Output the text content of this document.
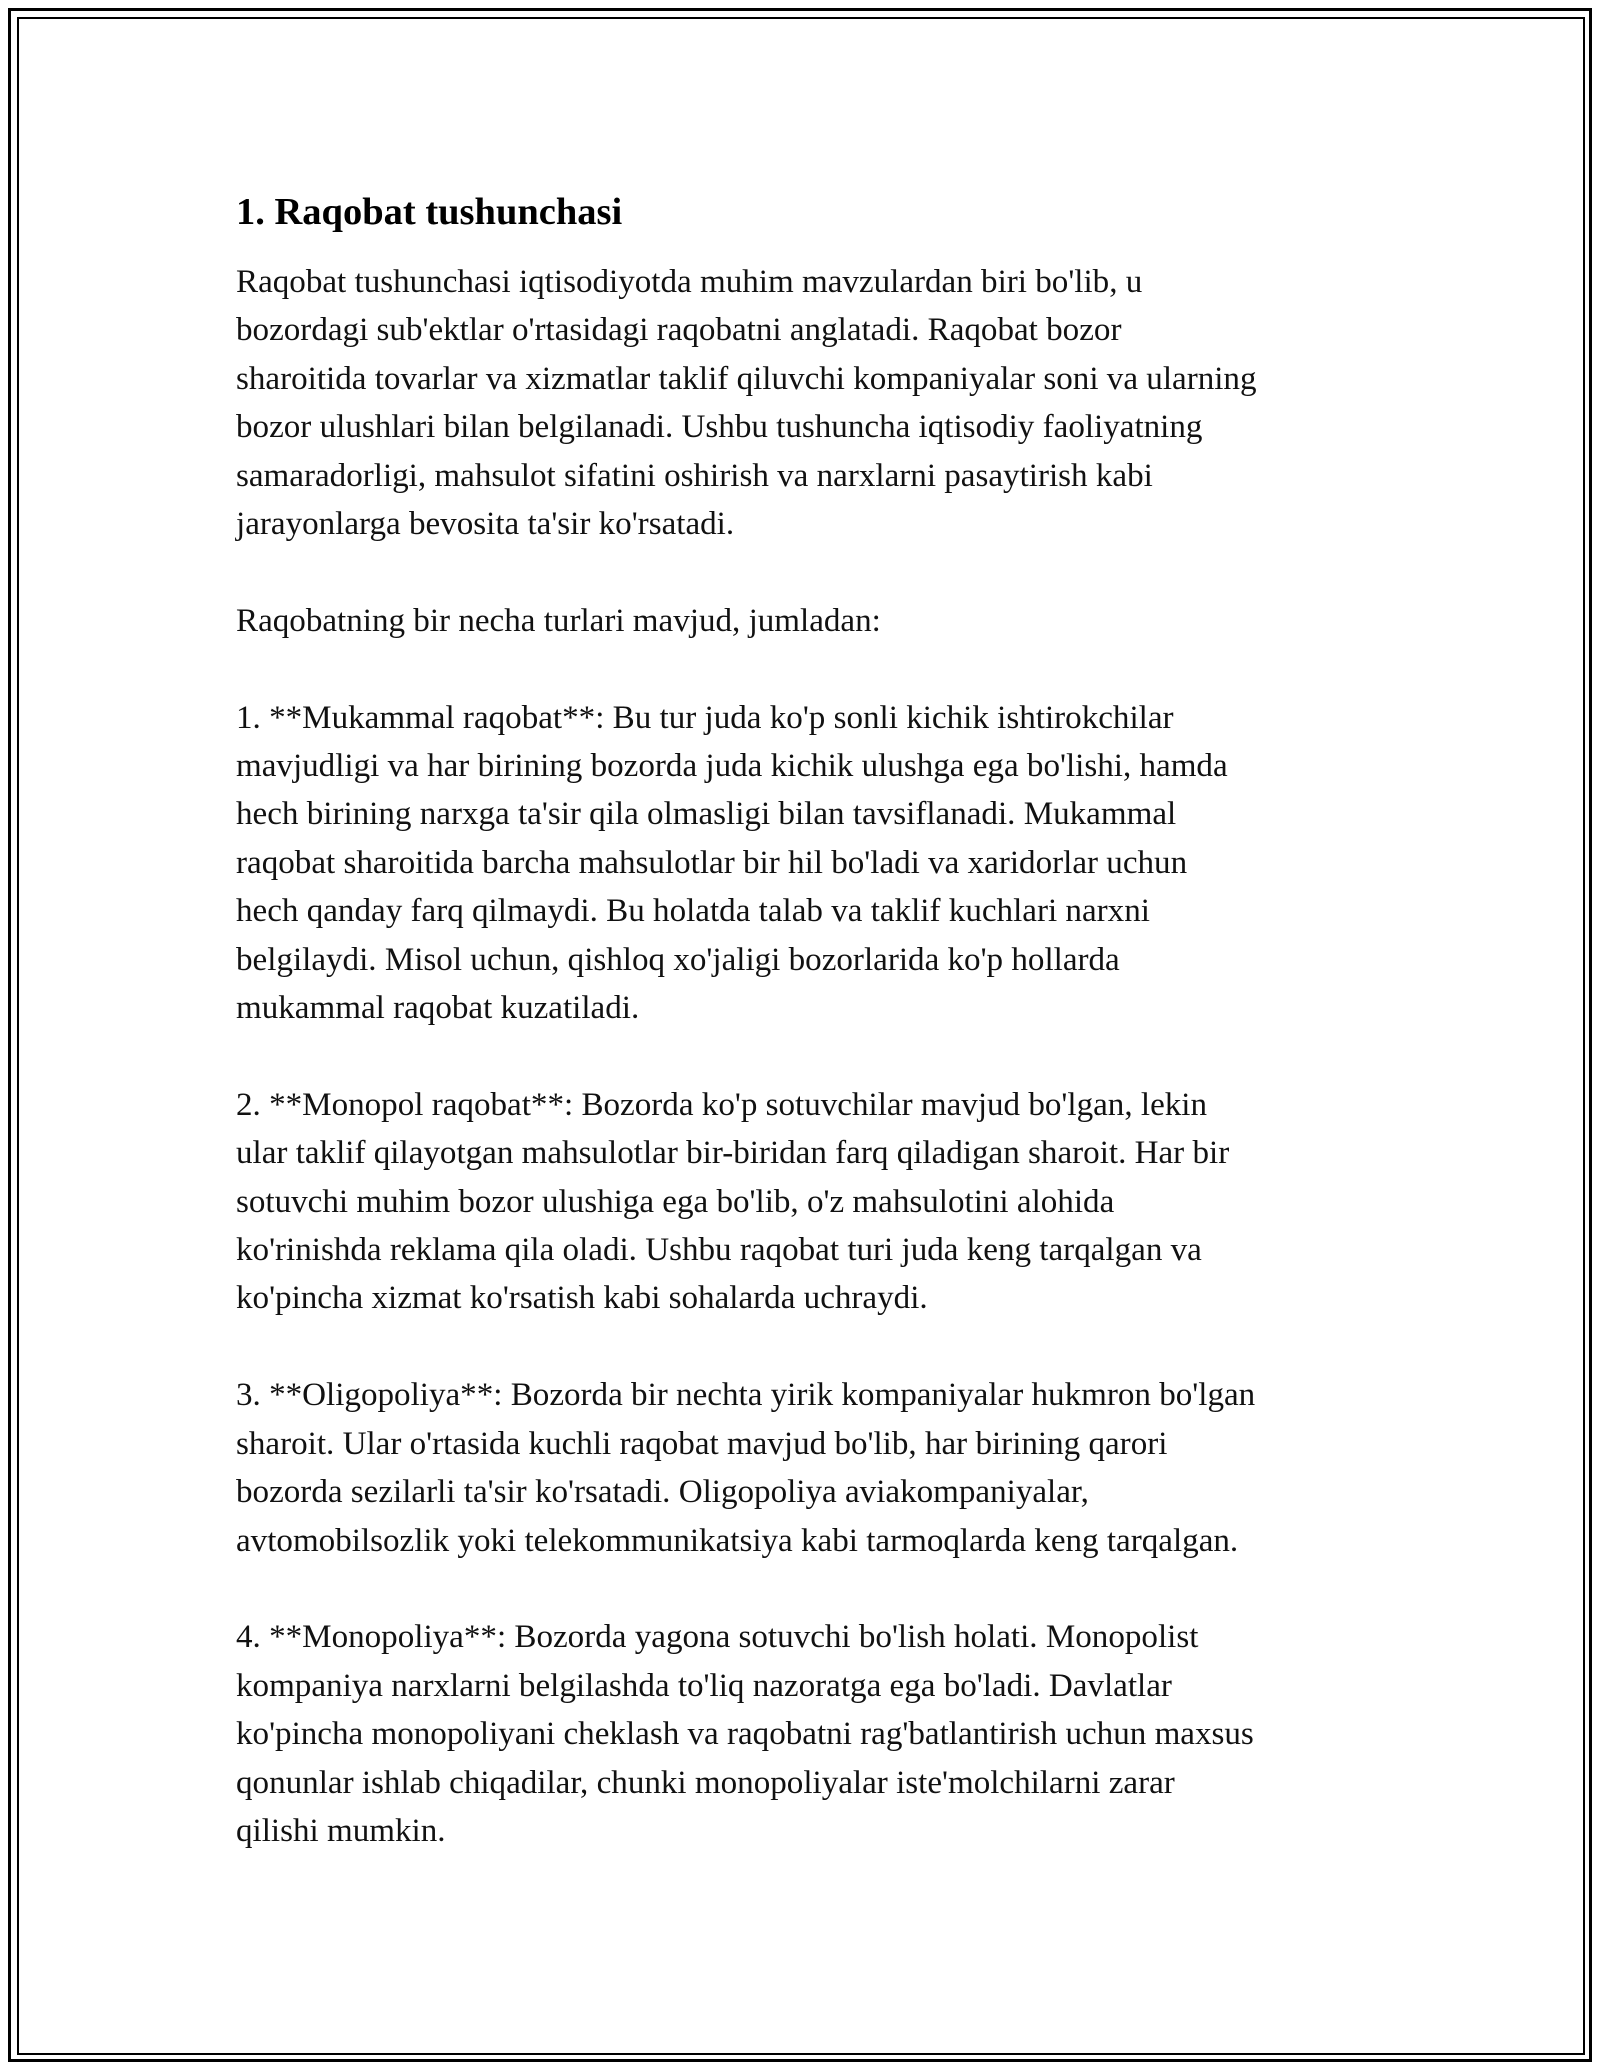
1. Raqobat tushunchasi
Raqobat tushunchasi iqtisodiyotda muhim mavzulardan biri bo'lib, u
bozordagi sub'ektlar o'rtasidagi raqobatni anglatadi. Raqobat bozor
sharoitida tovarlar va xizmatlar taklif qiluvchi kompaniyalar soni va ularning
bozor ulushlari bilan belgilanadi. Ushbu tushuncha iqtisodiy faoliyatning
samaradorligi, mahsulot sifatini oshirish va narxlarni pasaytirish kabi
jarayonlarga bevosita ta'sir ko'rsatadi.
Raqobatning bir necha turlari mavjud, jumladan:
1. **Mukammal raqobat**: Bu tur juda ko'p sonli kichik ishtirokchilar
mavjudligi va har birining bozorda juda kichik ulushga ega bo'lishi, hamda
hech birining narxga ta'sir qila olmasligi bilan tavsiflanadi. Mukammal
raqobat sharoitida barcha mahsulotlar bir hil bo'ladi va xaridorlar uchun
hech qanday farq qilmaydi. Bu holatda talab va taklif kuchlari narxni
belgilaydi. Misol uchun, qishloq xo'jaligi bozorlarida ko'p hollarda
mukammal raqobat kuzatiladi.
2. **Monopol raqobat**: Bozorda ko'p sotuvchilar mavjud bo'lgan, lekin
ular taklif qilayotgan mahsulotlar bir-biridan farq qiladigan sharoit. Har bir
sotuvchi muhim bozor ulushiga ega bo'lib, o'z mahsulotini alohida
ko'rinishda reklama qila oladi. Ushbu raqobat turi juda keng tarqalgan va
ko'pincha xizmat ko'rsatish kabi sohalarda uchraydi.
3. **Oligopoliya**: Bozorda bir nechta yirik kompaniyalar hukmron bo'lgan
sharoit. Ular o'rtasida kuchli raqobat mavjud bo'lib, har birining qarori
bozorda sezilarli ta'sir ko'rsatadi. Oligopoliya aviakompaniyalar,
avtomobilsozlik yoki telekommunikatsiya kabi tarmoqlarda keng tarqalgan.
4. **Monopoliya**: Bozorda yagona sotuvchi bo'lish holati. Monopolist
kompaniya narxlarni belgilashda to'liq nazoratga ega bo'ladi. Davlatlar
ko'pincha monopoliyani cheklash va raqobatni rag'batlantirish uchun maxsus
qonunlar ishlab chiqadilar, chunki monopoliyalar iste'molchilarni zarar
qilishi mumkin.
